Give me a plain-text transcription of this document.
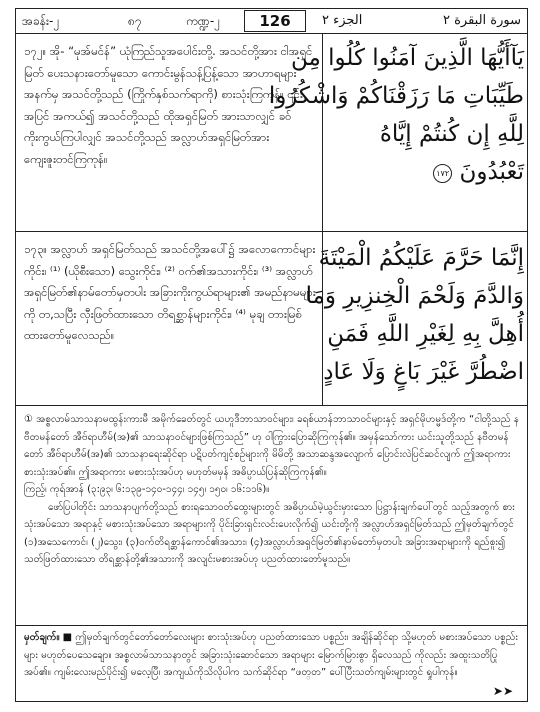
အခန်း-၂	၈၇	ကဏ္ဍ-၂	126	الجزء ٢	سورة البقرة ٢

၁၇၂။ အို- “မုအ်မင်န်” ယုံကြည်သူအပေါင်းတို့. အသင်တို့အား ငါအရှင်မြတ် ပေးသနားတော်မူသော ကောင်းမွန်သန့်ပြန့်သော အာဟာရများအနက်မှ အသင်တို့သည် (ကြိုက်နှစ်သက်ရာကို) စားသုံးကြကုန်။ ၎င်းအပြင် အကယ်၍ အသင်တို့သည် ထိုအရှင်မြတ် အားသာလျှင် ခဝ်ကိုးကွယ်ကြပါလျှင် အသင်တို့သည် အလ္လာဟ်အရှင်မြတ်အား ကျေးဇူးတင်ကြကုန်။

يَآأَيُّهَا الَّذِينَ آمَنُوا كُلُوا مِن
طَيِّبَاتِ مَا رَزَقْنَاكُمْ وَاشْكُرُوا
لِلَّهِ إِن كُنتُمْ إِيَّاهُ
تَعْبُدُونَ ١٧٢

၁၇၃။ အလ္လာဟ် အရှင်မြတ်သည် အသင်တို့အပေါ်၌ အလောကောင်များကိုင်း၊ ⁽¹⁾ (ယိုစီးသော) သွေးကိုင်း၊ ⁽²⁾ ဝက်၏အသားကိုင်း၊ ⁽³⁾ အလ္လာဟ်အရှင်မြတ်၏နာမ်တော်မှတပါး အခြားကိုးကွယ်ရာများ၏ အမည်နာမများကို တ,သပြီး လှီးဖြတ်ထားသော တိရစ္ဆာန်များကိုင်း၊ ⁽⁴⁾ မုချ တားမြစ်ထားတော်မူလေသည်။

إِنَّمَا حَرَّمَ عَلَيْكُمُ الْمَيْتَةَ
وَالدَّمَ وَلَحْمَ الْخِنزِيرِ وَمَا
أُهِلَّ بِهِ لِغَيْرِ اللَّهِ فَمَنِ
اضْطُرَّ غَيْرَ بَاغٍ وَلَا عَادٍ

① အစ္စလာမ်သာသနာမထွန်းကားမီ အမိုက်ခေတ်တွင် ယဟူဒီဘာသာဝင်များ၊ ခရစ်ယာန်ဘာသာဝင်များနှင့် အရှင်မိုဟမ္မဒ်တို့က “ငါတို့သည် နဗီတမန်တော် အီဗ်ရာဟီမ်(အ)၏ သာသနာဝင်များဖြစ်ကြသည်” ဟု ဝါကြွားပြောဆိုကြကုန်၏။ အမှန်သော်ကား ယင်းသူတို့သည် နဗီတမန်တော် အီဗ်ရာဟီမ်(အ)၏ သာသနာရေးဆိုင်ရာ ပဋိပတ်ကျင့်စဉ်များကို မိမိတို့ အသာဆန္ဒအလျောက် ပြောင်းလဲပြင်ဆင်လျက် ဤအရာကား စားသုံးအပ်၏။ ဤအရာကား မစားသုံးအပ်ဟု မဟုတ်မမှန် အဓိပ္ပာယ်ပြန်ဆိုကြကုန်၏။

ကြည့်၊ ကုရ်အာန် (၃:၉၃၊ ၆:၁၃၉-၁၄၀-၁၄၄၊ ၁၄၅၊ ၁၅၀၊ ၁၆:၁၁၆)။

ဖော်ပြပါတိုင်း သာသနာပျက်တို့သည် စားရသောဝတ်ထွေးများတွင် အဓိပ္ပာယ်မဲ့ယွင်းမှားသော ပြဋ္ဌာန်းချက်ပေါ်တွင် သည့်အတွက် စားသုံးအပ်သော အရာနှင့် မစားသုံးအပ်သော အရာများကို ပိုင်းခြားရှင်းလင်းပေးလိုက်၍ ယင်းတို့ကို အလ္လာဟ်အရှင်မြတ်သည် ဤမှတ်ချက်တွင် (၁)အသေကောင်၊ (၂)သွေး၊ (၃)ဝက်တိရစ္ဆာန်ကောင်၏အသား၊ (၄)အလ္လာဟ်အရှင်မြတ်၏နာမ်တော်မှတပါး အခြားအရာများကို ရည်စူး၍ သတ်ဖြတ်ထားသော တိရစ္ဆာန်တို့၏အသားကို အလျင်းမစားအပ်ဟု ပညတ်ထားတော်မူသည်။

မှတ်ချက်။ ■ ဤမှတ်ချက်တွင်တော်တော်လေးများ စားသုံးအပ်ဟု ပညတ်ထားသော ပစ္စည်း၊ အချိန်ဆိုင်ရာ သို့မဟုတ် မစားအပ်သော ပစ္စည်းများ မဟုတ်ပေသေချော။ အစ္စလာမ်သာသနာတွင် အခြားသုံးဆောင်သော အရာများ မြောက်မြားစွာ ရှိလေသည် ကိုလည်း အထူးသတိပြုအပ်၏။ ကျမ်းလေးမည်ပိုင်း၍ မလေ့ပြီ၊ အကျယ်ကိုသိလိုပါက သက်ဆိုင်ရာ “ဖတ္ဝာ” ပေါ်ပြီးသတ်ကျမ်းများတွင် ရှုပါကုန်။

➤➤
